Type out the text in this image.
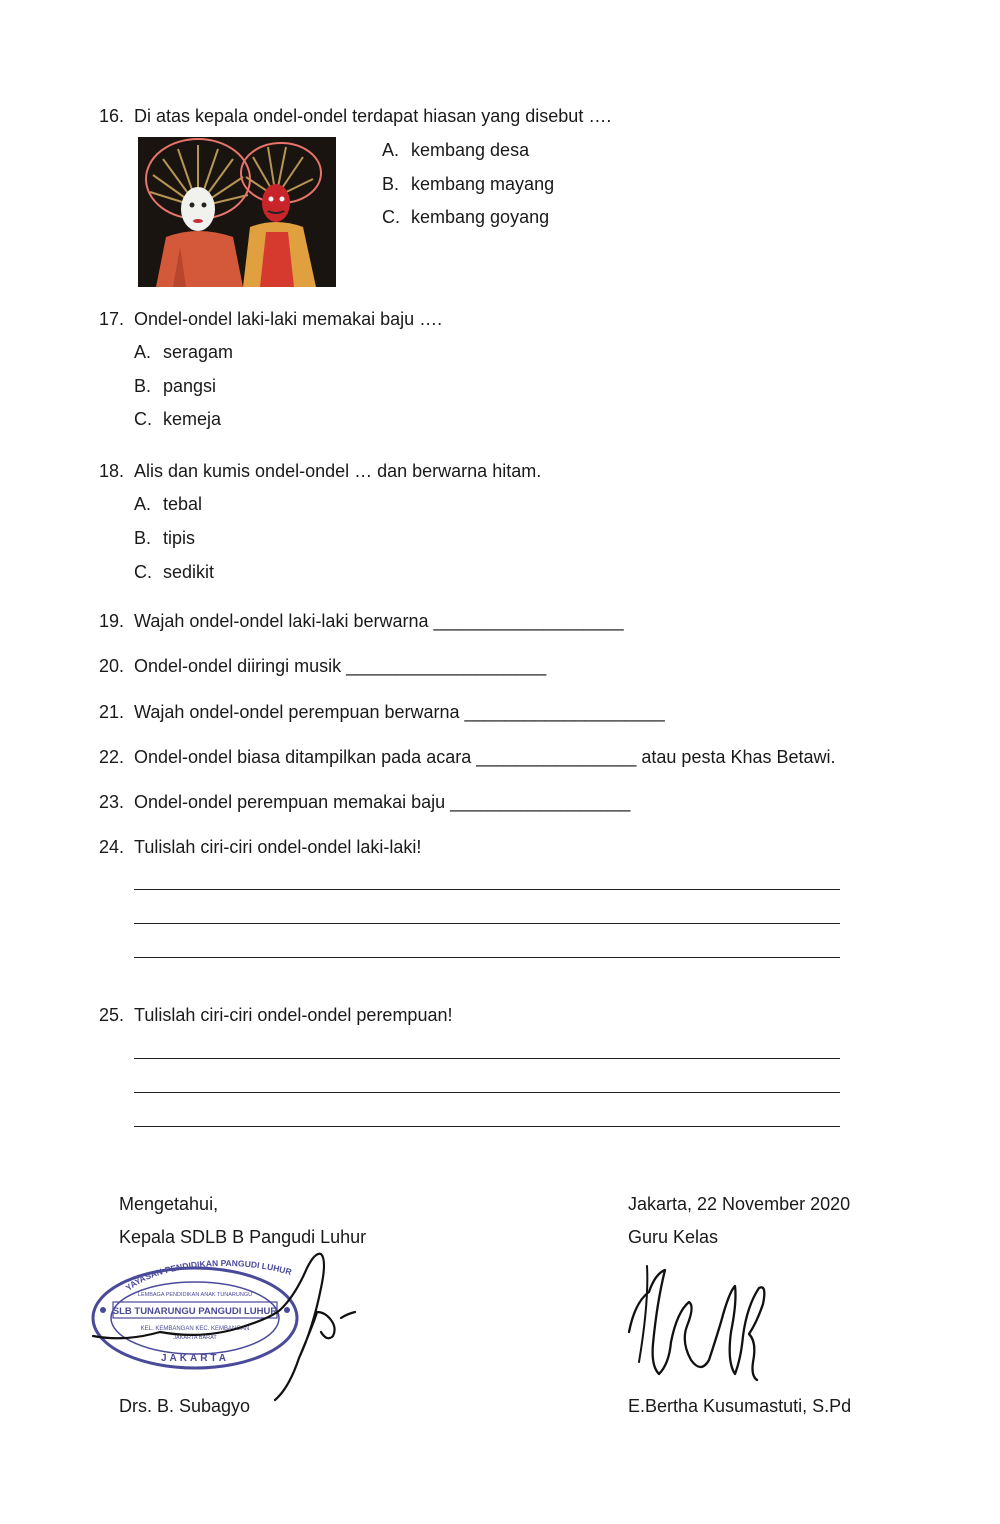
16. Di atas kepala ondel-ondel terdapat hiasan yang disebut ….
A. kembang desa
B. kembang mayang
C. kembang goyang
17. Ondel-ondel laki-laki memakai baju ….
A. seragam
B. pangsi
C. kemeja
18. Alis dan kumis ondel-ondel … dan berwarna hitam.
A. tebal
B. tipis
C. sedikit
19. Wajah ondel-ondel laki-laki berwarna ___________________
20. Ondel-ondel diiringi musik ____________________
21. Wajah ondel-ondel perempuan berwarna ____________________
22. Ondel-ondel biasa ditampilkan pada acara ________________ atau pesta Khas Betawi.
23. Ondel-ondel perempuan memakai baju __________________
24. Tulislah ciri-ciri ondel-ondel laki-laki!
25. Tulislah ciri-ciri ondel-ondel perempuan!
Mengetahui,
Kepala SDLB B Pangudi Luhur
YAYASAN PENDIDIKAN PANGUDI LUHUR
LEMBAGA PENDIDIKAN ANAK TUNARUNGU
SLB TUNARUNGU PANGUDI LUHUR
KEL. KEMBANGAN KEC. KEMBANGAN
JAKARTA BARAT
JAKARTA
Drs. B. Subagyo
Jakarta, 22 November 2020
Guru Kelas
E.Bertha Kusumastuti, S.Pd
